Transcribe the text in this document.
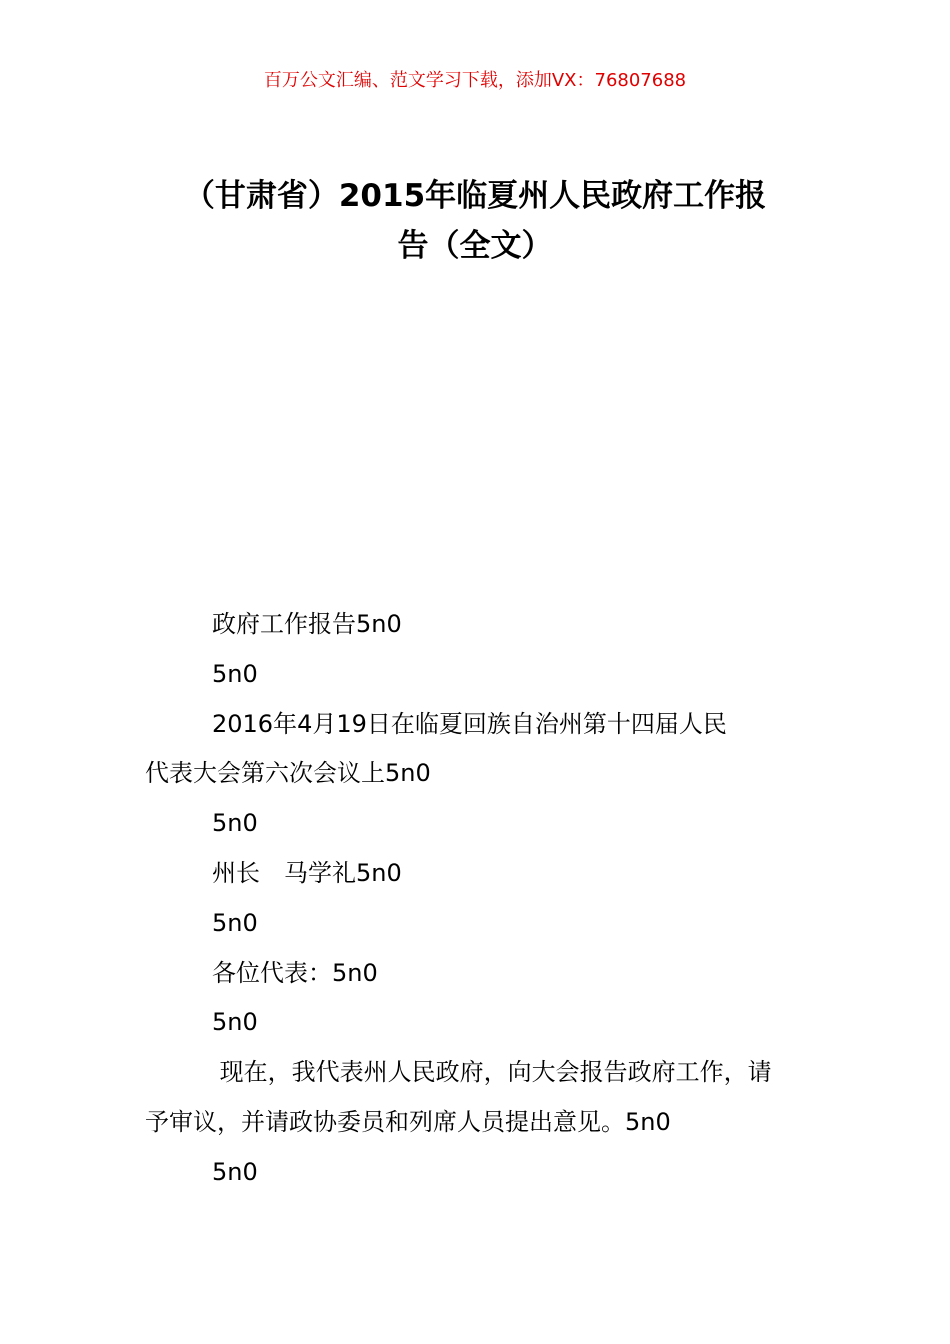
百万公文汇编、范文学习下载，添加VX：76807688
（甘肃省）2015年临夏州人民政府工作报
告（全文）

政府工作报告5n0

5n0

2016年4月19日在临夏回族自治州第十四届人民

代表大会第六次会议上5n0

5n0

州长　马学礼5n0

5n0

各位代表：5n0

5n0

现在，我代表州人民政府，向大会报告政府工作，请

予审议，并请政协委员和列席人员提出意见。5n0

5n0
